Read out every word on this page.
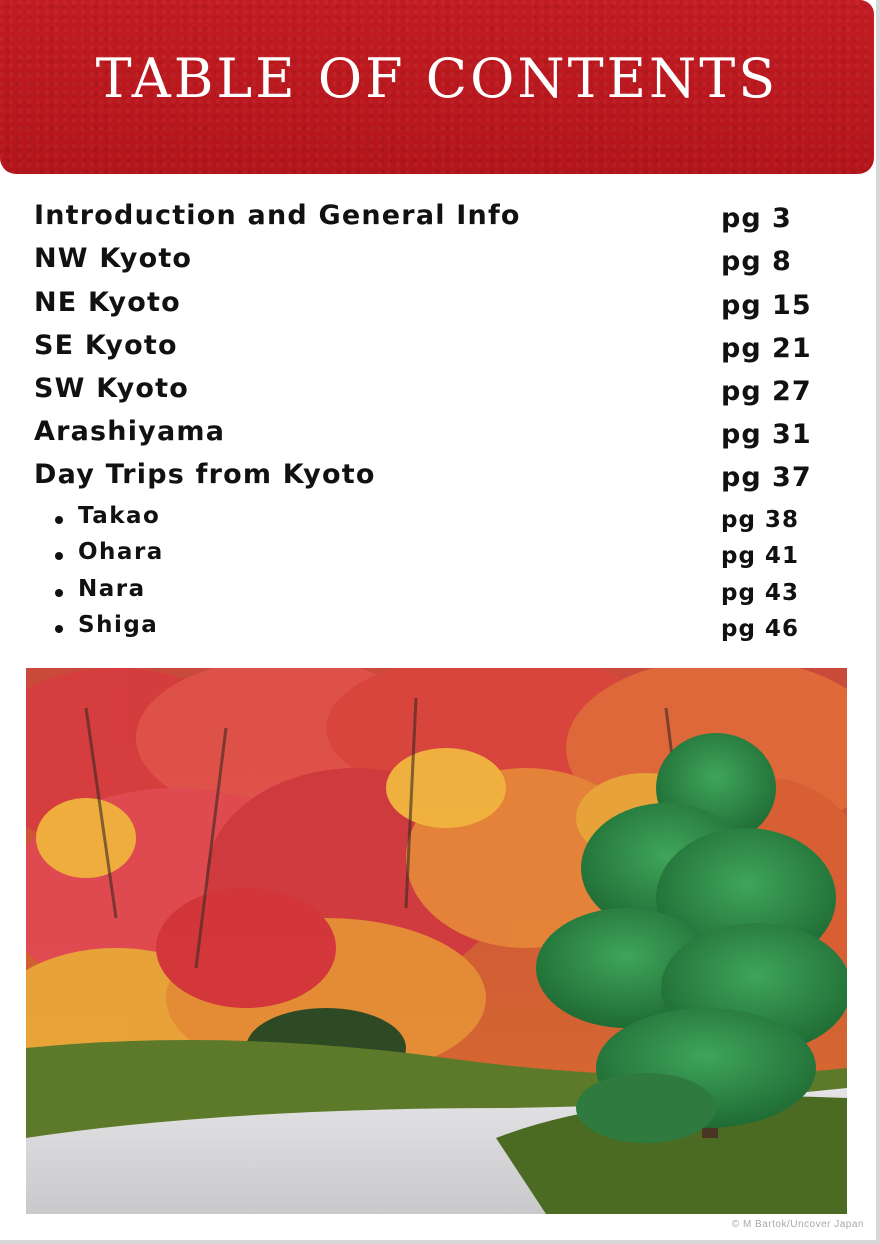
TABLE OF CONTENTS
Introduction and General Info	pg 3
NW Kyoto	pg 8
NE Kyoto	pg 15
SE Kyoto	pg 21
SW Kyoto	pg 27
Arashiyama	pg 31
Day Trips from Kyoto	pg 37
Takao	pg 38
Ohara	pg 41
Nara	pg 43
Shiga	pg 46
© M Bartok/Uncover Japan
